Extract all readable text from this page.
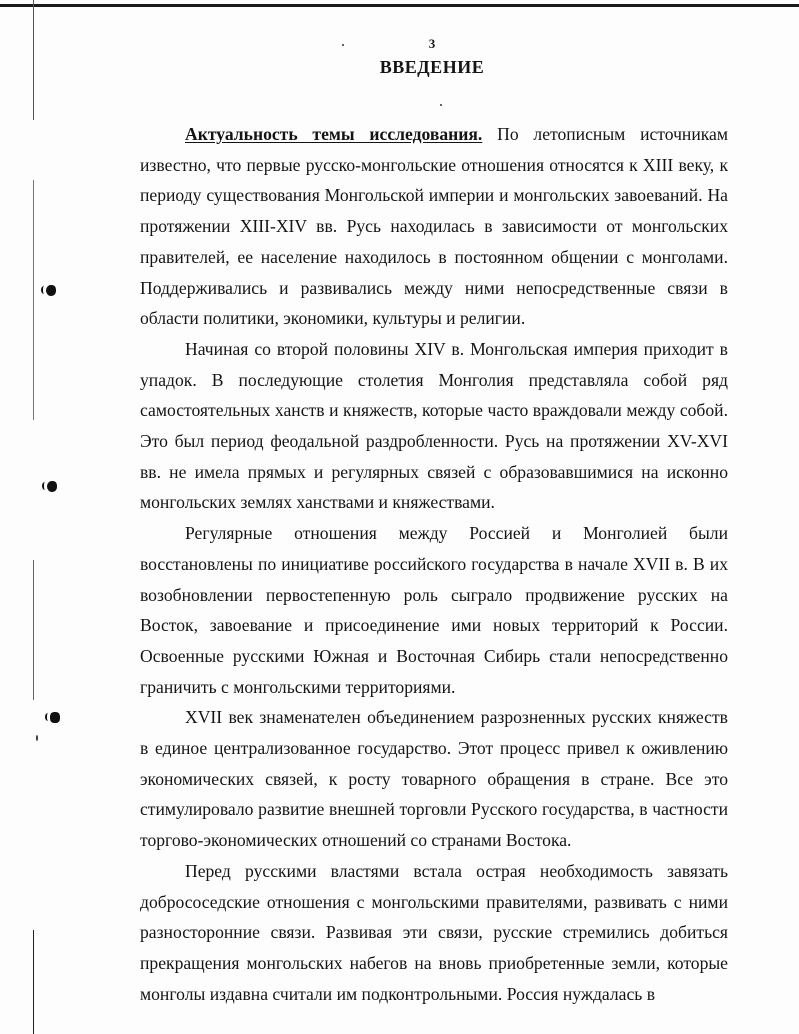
3
ВВЕДЕНИЕ

Актуальность темы исследования. По летописным источникам известно, что первые русско-монгольские отношения относятся к XIII веку, к периоду существования Монгольской империи и монгольских завоеваний. На протяжении XIII-XIV вв. Русь находилась в зависимости от монгольских правителей, ее население находилось в постоянном общении с монголами. Поддерживались и развивались между ними непосредственные связи в области политики, экономики, культуры и религии.

Начиная со второй половины XIV в. Монгольская империя приходит в упадок. В последующие столетия Монголия представляла собой ряд самостоятельных ханств и княжеств, которые часто враждовали между собой. Это был период феодальной раздробленности. Русь на протяжении XV-XVI вв. не имела прямых и регулярных связей с образовавшимися на исконно монгольских землях ханствами и княжествами.

Регулярные отношения между Россией и Монголией были восстановлены по инициативе российского государства в начале XVII в. В их возобновлении первостепенную роль сыграло продвижение русских на Восток, завоевание и присоединение ими новых территорий к России. Освоенные русскими Южная и Восточная Сибирь стали непосредственно граничить с монгольскими территориями.

XVII век знаменателен объединением разрозненных русских княжеств в единое централизованное государство. Этот процесс привел к оживлению экономических связей, к росту товарного обращения в стране. Все это стимулировало развитие внешней торговли Русского государства, в частности торгово-экономических отношений со странами Востока.

Перед русскими властями встала острая необходимость завязать добрососедские отношения с монгольскими правителями, развивать с ними разносторонние связи. Развивая эти связи, русские стремились добиться прекращения монгольских набегов на вновь приобретенные земли, которые монголы издавна считали им подконтрольными. Россия нуждалась в
